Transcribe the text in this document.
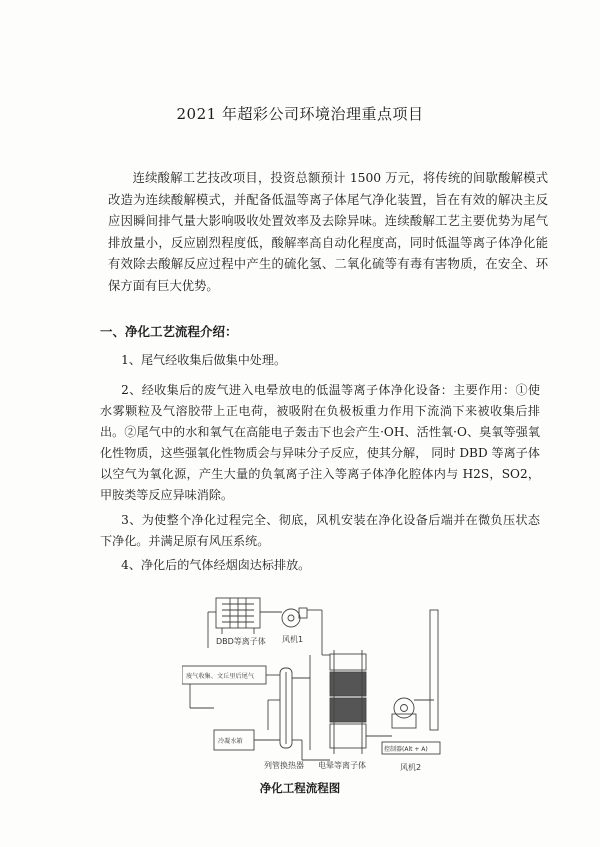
2021 年超彩公司环境治理重点项目

连续酸解工艺技改项目，投资总额预计 1500 万元，将传统的间歇酸解模式改造为连续酸解模式，并配备低温等离子体尾气净化装置，旨在有效的解决主反应因瞬间排气量大影响吸收处置效率及去除异味。连续酸解工艺主要优势为尾气排放量小，反应剧烈程度低，酸解率高自动化程度高，同时低温等离子体净化能有效除去酸解反应过程中产生的硫化氢、二氧化硫等有毒有害物质，在安全、环保方面有巨大优势。

一、净化工艺流程介绍：

1、尾气经收集后做集中处理。

2、经收集后的废气进入电晕放电的低温等离子体净化设备：主要作用：①使水雾颗粒及气溶胶带上正电荷，被吸附在负极板重力作用下流淌下来被收集后排出。②尾气中的水和氧气在高能电子轰击下也会产生·OH、活性氧·O、臭氧等强氧化性物质，这些强氧化性物质会与异味分子反应，使其分解， 同时 DBD 等离子体以空气为氧化源，产生大量的负氧离子注入等离子体净化腔体内与 H2S，SO2，甲胺类等反应异味消除。

3、为使整个净化过程完全、彻底，风机安装在净化设备后端并在微负压状态下净化。并满足原有风压系统。

4、净化后的气体经烟囱达标排放。

DBD等离子体 风机1
废气收集、文丘里后尾气
冷凝水箱
列管换热器 电晕等离子体	风机2
控制器(Alt + A)
净化工程流程图
